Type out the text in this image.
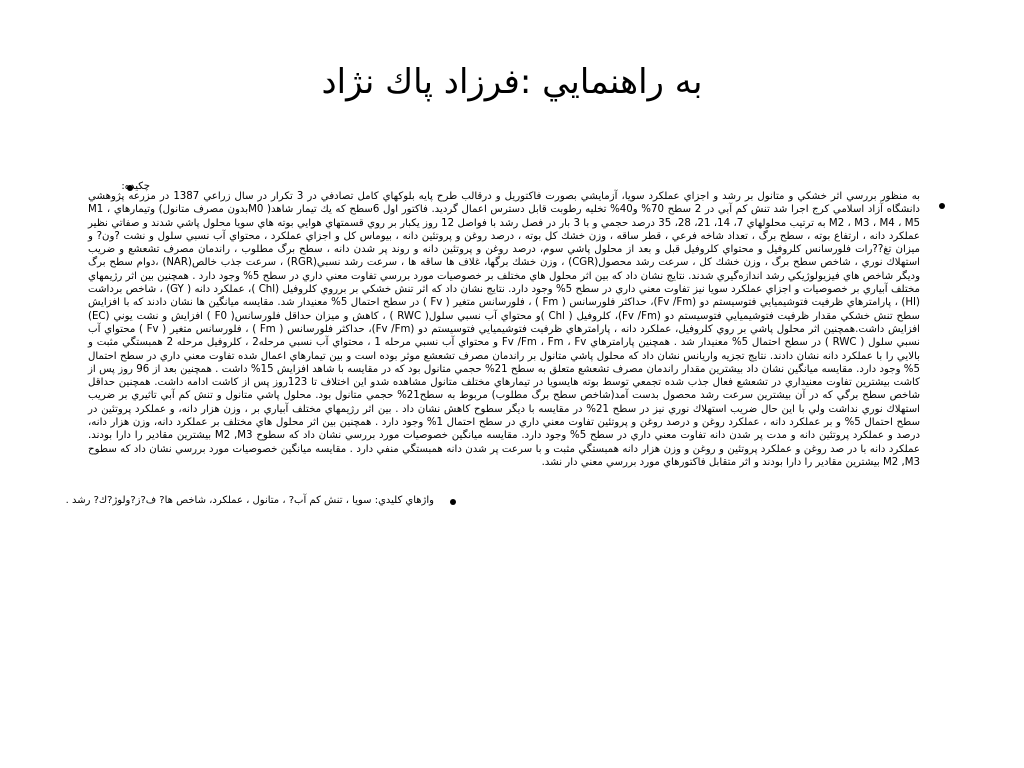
به راهنمايي :فرزاد پاك نژاد
چكيده:
به منظور بررسي اثر خشكي و متانول بر رشد و اجزاي عملكرد سويا، آزمايشي بصورت فاكتوريل و درقالب طرح پايه بلوكهاي كامل تصادفي در 3 تكرار در سال زراعي 1387 در مزرعه پژوهشي دانشگاه آزاد اسلامي كرج اجرا شد تنش كم آبي در 2 سطح 70% و40% تخليه رطوبت قابل دسترس اعمال گرديد. فاكتور اول 6سطح كه يك تيمار شاهد( M0بدون مصرف متانول) وتيمارهاي M1 ، M2 ، M3 ، M4 ، M5 به ترتيب محلولهاي 7، 14، 21، 28، 35 درصد حجمي و با 3 بار در فصل رشد با فواصل 12 روز يكبار بر روي قسمتهاي هوايي بوته هاي سويا محلول پاشي شدند و صفاتي نظير عملكرد دانه ، ارتفاع بوته ، سطح برگ ، تعداد شاخه فرعي ، قطر ساقه ، وزن خشك كل بوته ، درصد روغن و پروتئين دانه ، بيوماس كل و اجزاي عملكرد ، محتواي آب نسبي سلول و نشت ?ون? و ميزان تغ??رات فلورسانس كلروفيل و محتواي كلروفيل قبل و بعد از محلول پاشي سوم، درصد روغن و پروتئين دانه و روند پر شدن دانه ، سطح برگ مطلوب ، راندمان مصرف تشعشع و ضريب استهلاك نوري ، شاخص سطح برگ ، وزن خشك كل ، سرعت رشد محصول(CGR) ، وزن خشك برگها، غلاف ها ساقه ها ، سرعت رشد نسبي(RGR) ، سرعت جذب خالص(NAR) ،دوام سطح برگ وديگر شاخص هاي فيزيولوژيكي رشد اندازه‌گيري شدند. نتايج نشان داد كه بين اثر محلول هاي مختلف بر خصوصيات مورد بررسي تفاوت معني داري در سطح 5% وجود دارد . همچنين بين اثر رژيمهاي مختلف آبياري بر خصوصيات و اجزاي عملكرد سويا نيز تفاوت معني داري در سطح 5% وجود دارد. نتايج نشان داد كه اثر تنش خشكي بر برروي كلروفيل (Chl )، عملكرد دانه ( GY) ، شاخص برداشت (HI) ، پارامترهاي ظرفيت فتوشيميايي فتوسيستم دو (Fv /Fm)، حداكثر فلورسانس ( Fm ) ، فلورسانس متغير ( Fv ) در سطح احتمال 5% معنيدار شد. مقايسه ميانگين ها نشان دادند كه با افزايش سطح تنش خشكي مقدار ظرفيت فتوشيميايي فتوسيستم دو (Fv /Fm)، كلروفيل ( Chl )و محتواي آب نسبي سلول( RWC ) ، كاهش و ميزان حداقل فلورسانس( F0 ) افزايش و نشت يوني (EC) افزايش داشت.همچنين اثر محلول پاشي بر روي كلروفيل، عملكرد دانه ، پارامترهاي ظرفيت فتوشيميايي فتوسيستم دو (Fv /Fm)، حداكثر فلورسانس ( Fm ) ، فلورسانس متغير ( Fv ) محتواي آب نسبي سلول ( RWC ) در سطح احتمال 5% معنيدار شد . همچنين پارامترهاي Fv /Fm ، Fm ، Fv و محتواي آب نسبي مرحله 1 ، محتواي آب نسبي مرحله2 ، كلروفيل مرحله 2 همبستگي مثبت و بالايي را با عملكرد دانه نشان دادند. نتايج تجزيه واريانس نشان داد كه محلول پاشي متانول بر راندمان مصرف تشعشع موثر بوده است و بين تيمارهاي اعمال شده تفاوت معني داري در سطح احتمال 5% وجود دارد. مقايسه ميانگين نشان داد بيشترين مقدار راندمان مصرف تشعشع متعلق به سطح 21% حجمي متانول بود كه در مقايسه با شاهد افزايش 15% داشت . همچنين بعد از 96 روز پس از كاشت بيشترين تفاوت معنيداري در تشعشع فعال جذب شده تجمعي توسط بوته هايسويا در تيمارهاي مختلف متانول مشاهده شدو اين اختلاف تا 123روز پس از كاشت ادامه داشت. همچنين حداقل شاخص سطح برگي كه در آن بيشترين سرعت رشد محصول بدست آمد(شاخص سطح برگ مطلوب) مربوط به سطح21% حجمي متانول بود. محلول پاشي متانول و تنش كم آبي تاثيري بر ضريب استهلاك نوري نداشت ولي با اين حال ضريب استهلاك نوري نيز در سطح 21% در مقايسه با ديگر سطوح كاهش نشان داد . بين اثر رژيمهاي مختلف آبياري بر ، وزن هزار دانه، و عملكرد پروتئين در سطح احتمال 5% و بر عملكرد دانه ، عملكرد روغن و درصد روغن و پروتئين تفاوت معني داري در سطح احتمال 1% وجود دارد . همچنين بين اثر محلول هاي مختلف بر عملكرد دانه، وزن هزار دانه، درصد و عملكرد پروتئين دانه و مدت پر شدن دانه تفاوت معني داري در سطح 5% وجود دارد. مقايسه ميانگين خصوصيات مورد بررسي نشان داد كه سطوح M2 ,M3 بيشترين مقادير را دارا بودند. عملكرد دانه با در صد روغن و عملكرد پروتئين و روغن و وزن هزار دانه همبستگي مثبت و با سرعت پر شدن دانه همبستگي منفي دارد . مقايسه ميانگين خصوصيات مورد بررسي نشان داد كه سطوح M2 ,M3 بيشترين مقادير را دارا بودند و اثر متقابل فاكتورهاي مورد بررسي معني دار نشد.
واژهاي كليدي: سويا ، تنش كم آب? ، متانول ، عملكرد، شاخص ها? ف?ز?ولوژ?ك? رشد .
